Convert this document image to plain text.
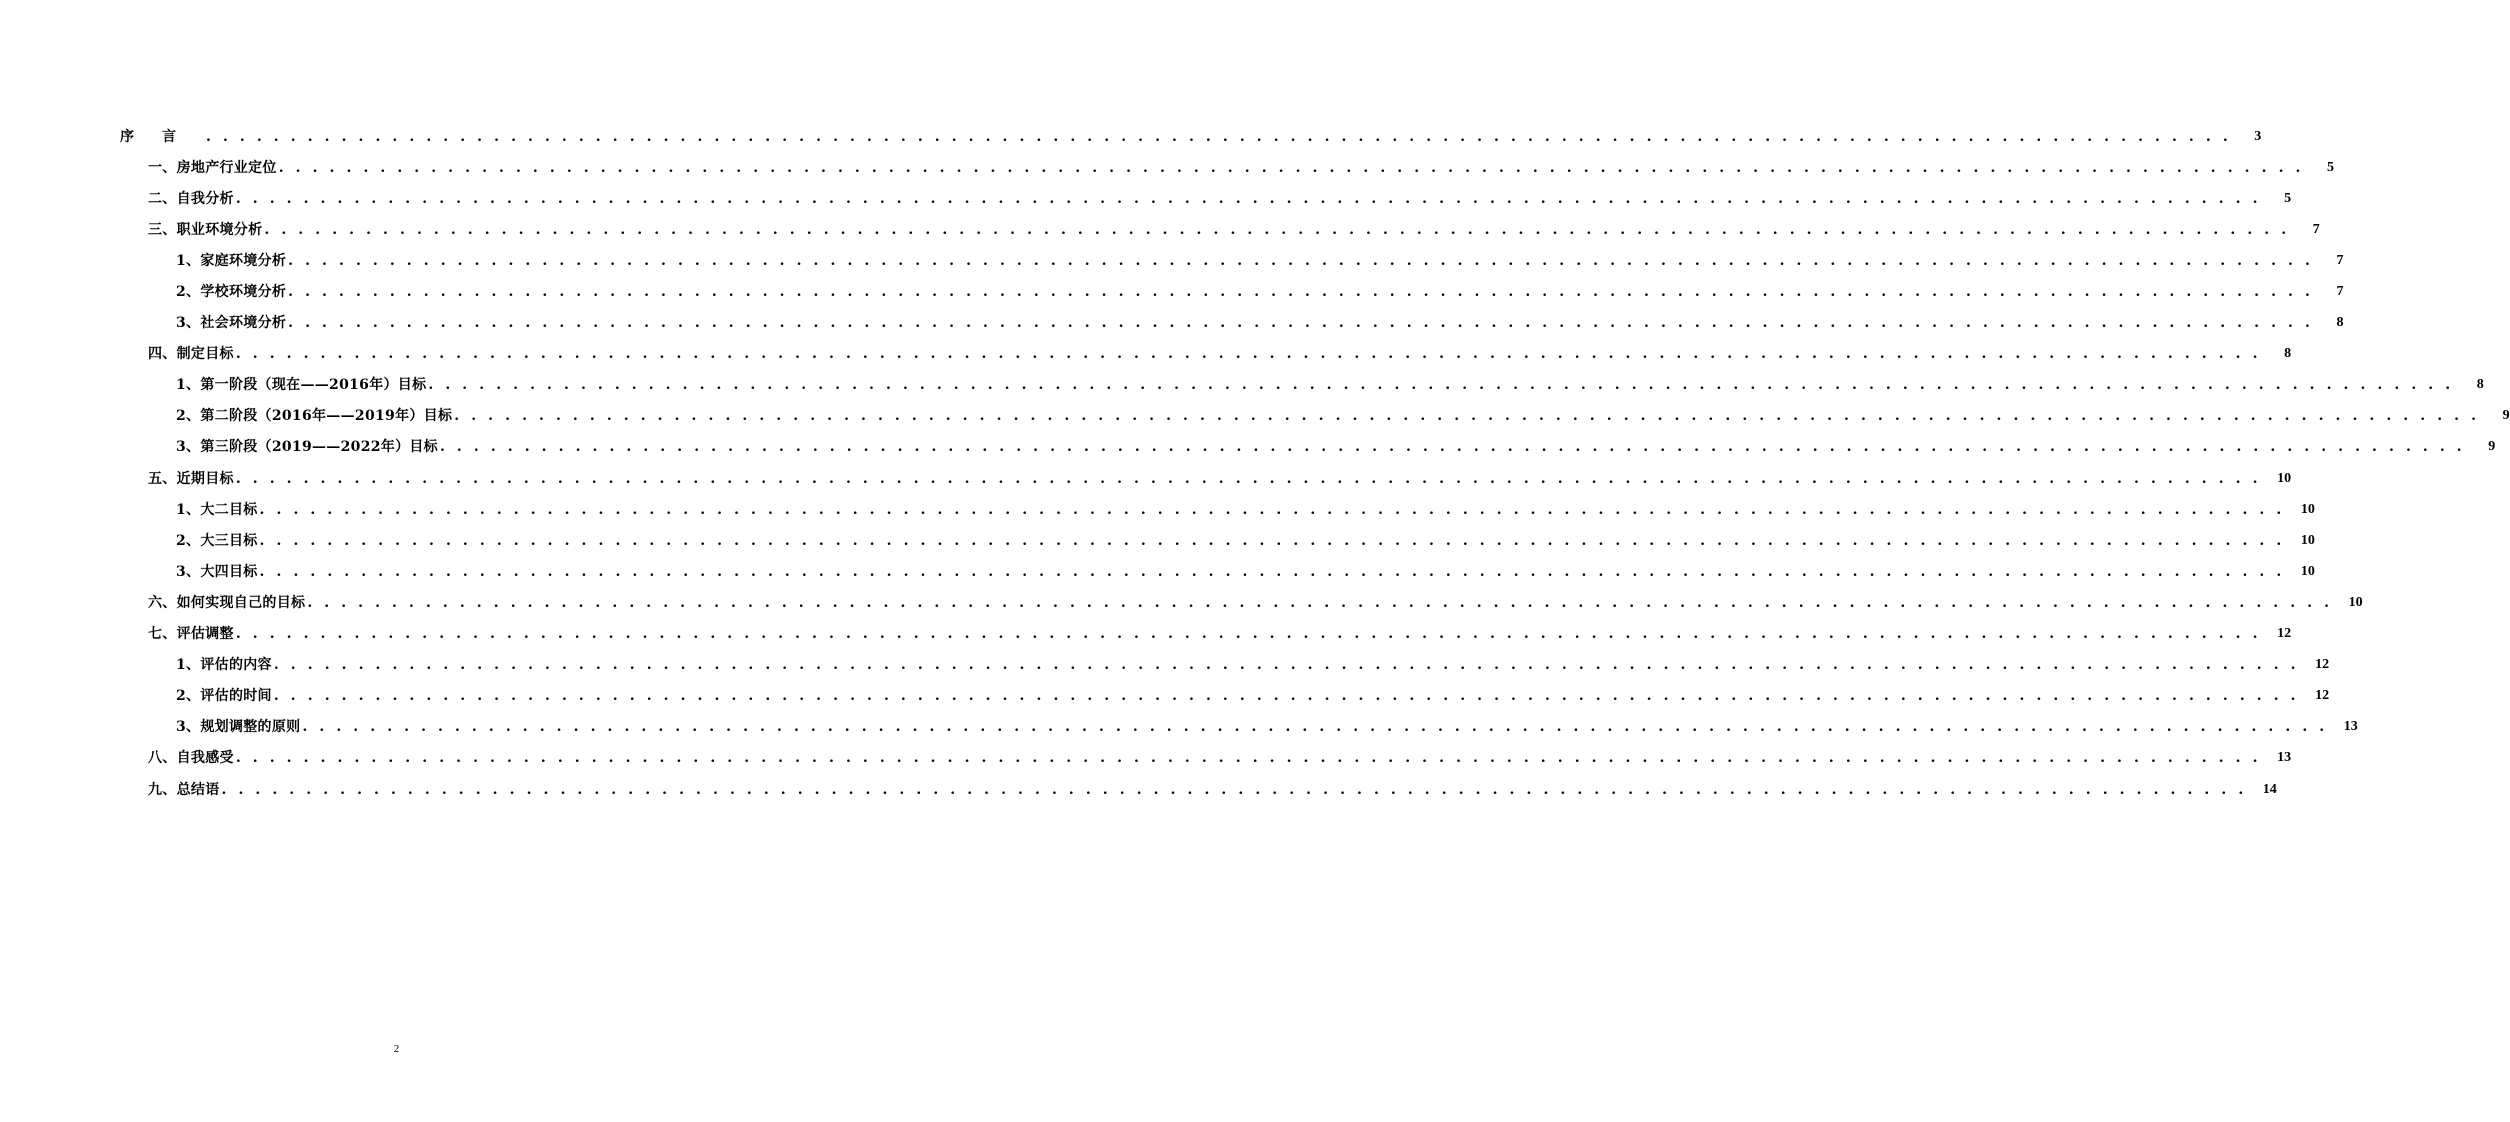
序言 . . . . . . . . . . . . . . . . . . . . . . . . . . . . . . . . . . . . . . . . . . . . . . . . . . . . . . . . . . . . . . . . . . . . . . . . . . . . . . . . . . . . . . . . . . . . . . . . . . . . . . . . . . . . . . . . . . . . . . . .	3
一、房地产行业定位 . . . . . . . . . . . . . . . . . . . . . . . . . . . . . . . . . . . . . . . . . . . . . . . . . . . . . . . . . . . . . . . . . . . . . . . . . . . . . . . . . . . . . . . . . . . . . . . . . . . . . . . . . . . . . . . . . . . . . . . .	5
二、自我分析 . . . . . . . . . . . . . . . . . . . . . . . . . . . . . . . . . . . . . . . . . . . . . . . . . . . . . . . . . . . . . . . . . . . . . . . . . . . . . . . . . . . . . . . . . . . . . . . . . . . . . . . . . . . . . . . . . . . . . . . .	5
三、职业环境分析 . . . . . . . . . . . . . . . . . . . . . . . . . . . . . . . . . . . . . . . . . . . . . . . . . . . . . . . . . . . . . . . . . . . . . . . . . . . . . . . . . . . . . . . . . . . . . . . . . . . . . . . . . . . . . . . . . . . . . . . .	7
1、家庭环境分析 . . . . . . . . . . . . . . . . . . . . . . . . . . . . . . . . . . . . . . . . . . . . . . . . . . . . . . . . . . . . . . . . . . . . . . . . . . . . . . . . . . . . . . . . . . . . . . . . . . . . . . . . . . . . . . . . . . . . . . . .	7
2、学校环境分析 . . . . . . . . . . . . . . . . . . . . . . . . . . . . . . . . . . . . . . . . . . . . . . . . . . . . . . . . . . . . . . . . . . . . . . . . . . . . . . . . . . . . . . . . . . . . . . . . . . . . . . . . . . . . . . . . . . . . . . . .	7
3、社会环境分析 . . . . . . . . . . . . . . . . . . . . . . . . . . . . . . . . . . . . . . . . . . . . . . . . . . . . . . . . . . . . . . . . . . . . . . . . . . . . . . . . . . . . . . . . . . . . . . . . . . . . . . . . . . . . . . . . . . . . . . . .	8
四、制定目标 . . . . . . . . . . . . . . . . . . . . . . . . . . . . . . . . . . . . . . . . . . . . . . . . . . . . . . . . . . . . . . . . . . . . . . . . . . . . . . . . . . . . . . . . . . . . . . . . . . . . . . . . . . . . . . . . . . . . . . . .	8
1、第一阶段（现在——2016年）目标 . . . . . . . . . . . . . . . . . . . . . . . . . . . . . . . . . . . . . . . . . . . . . . . . . . . . . . . . . . . . . . . . . . . . . . . . . . . . . . . . . . . . . . . . . . . . . . . . . . . . . . . . . . . . . . . . . . . . . . . .	8
2、第二阶段（2016年——2019年）目标 . . . . . . . . . . . . . . . . . . . . . . . . . . . . . . . . . . . . . . . . . . . . . . . . . . . . . . . . . . . . . . . . . . . . . . . . . . . . . . . . . . . . . . . . . . . . . . . . . . . . . . . . . . . . . . . . . . . . . . . .	9
3、第三阶段（2019——2022年）目标 . . . . . . . . . . . . . . . . . . . . . . . . . . . . . . . . . . . . . . . . . . . . . . . . . . . . . . . . . . . . . . . . . . . . . . . . . . . . . . . . . . . . . . . . . . . . . . . . . . . . . . . . . . . . . . . . . . . . . . . .	9
五、近期目标 . . . . . . . . . . . . . . . . . . . . . . . . . . . . . . . . . . . . . . . . . . . . . . . . . . . . . . . . . . . . . . . . . . . . . . . . . . . . . . . . . . . . . . . . . . . . . . . . . . . . . . . . . . . . . . . . . . . . . . . .	10
1、大二目标 . . . . . . . . . . . . . . . . . . . . . . . . . . . . . . . . . . . . . . . . . . . . . . . . . . . . . . . . . . . . . . . . . . . . . . . . . . . . . . . . . . . . . . . . . . . . . . . . . . . . . . . . . . . . . . . . . . . . . . . .	10
2、大三目标 . . . . . . . . . . . . . . . . . . . . . . . . . . . . . . . . . . . . . . . . . . . . . . . . . . . . . . . . . . . . . . . . . . . . . . . . . . . . . . . . . . . . . . . . . . . . . . . . . . . . . . . . . . . . . . . . . . . . . . . .	10
3、大四目标 . . . . . . . . . . . . . . . . . . . . . . . . . . . . . . . . . . . . . . . . . . . . . . . . . . . . . . . . . . . . . . . . . . . . . . . . . . . . . . . . . . . . . . . . . . . . . . . . . . . . . . . . . . . . . . . . . . . . . . . .	10
六、如何实现自己的目标 . . . . . . . . . . . . . . . . . . . . . . . . . . . . . . . . . . . . . . . . . . . . . . . . . . . . . . . . . . . . . . . . . . . . . . . . . . . . . . . . . . . . . . . . . . . . . . . . . . . . . . . . . . . . . . . . . . . . . . . .	10
七、评估调整 . . . . . . . . . . . . . . . . . . . . . . . . . . . . . . . . . . . . . . . . . . . . . . . . . . . . . . . . . . . . . . . . . . . . . . . . . . . . . . . . . . . . . . . . . . . . . . . . . . . . . . . . . . . . . . . . . . . . . . . .	12
1、评估的内容 . . . . . . . . . . . . . . . . . . . . . . . . . . . . . . . . . . . . . . . . . . . . . . . . . . . . . . . . . . . . . . . . . . . . . . . . . . . . . . . . . . . . . . . . . . . . . . . . . . . . . . . . . . . . . . . . . . . . . . . .	12
2、评估的时间 . . . . . . . . . . . . . . . . . . . . . . . . . . . . . . . . . . . . . . . . . . . . . . . . . . . . . . . . . . . . . . . . . . . . . . . . . . . . . . . . . . . . . . . . . . . . . . . . . . . . . . . . . . . . . . . . . . . . . . . .	12
3、规划调整的原则 . . . . . . . . . . . . . . . . . . . . . . . . . . . . . . . . . . . . . . . . . . . . . . . . . . . . . . . . . . . . . . . . . . . . . . . . . . . . . . . . . . . . . . . . . . . . . . . . . . . . . . . . . . . . . . . . . . . . . . . .	13
八、自我感受 . . . . . . . . . . . . . . . . . . . . . . . . . . . . . . . . . . . . . . . . . . . . . . . . . . . . . . . . . . . . . . . . . . . . . . . . . . . . . . . . . . . . . . . . . . . . . . . . . . . . . . . . . . . . . . . . . . . . . . . .	13
九、总结语 . . . . . . . . . . . . . . . . . . . . . . . . . . . . . . . . . . . . . . . . . . . . . . . . . . . . . . . . . . . . . . . . . . . . . . . . . . . . . . . . . . . . . . . . . . . . . . . . . . . . . . . . . . . . . . . . . . . . . . . .	14
2
